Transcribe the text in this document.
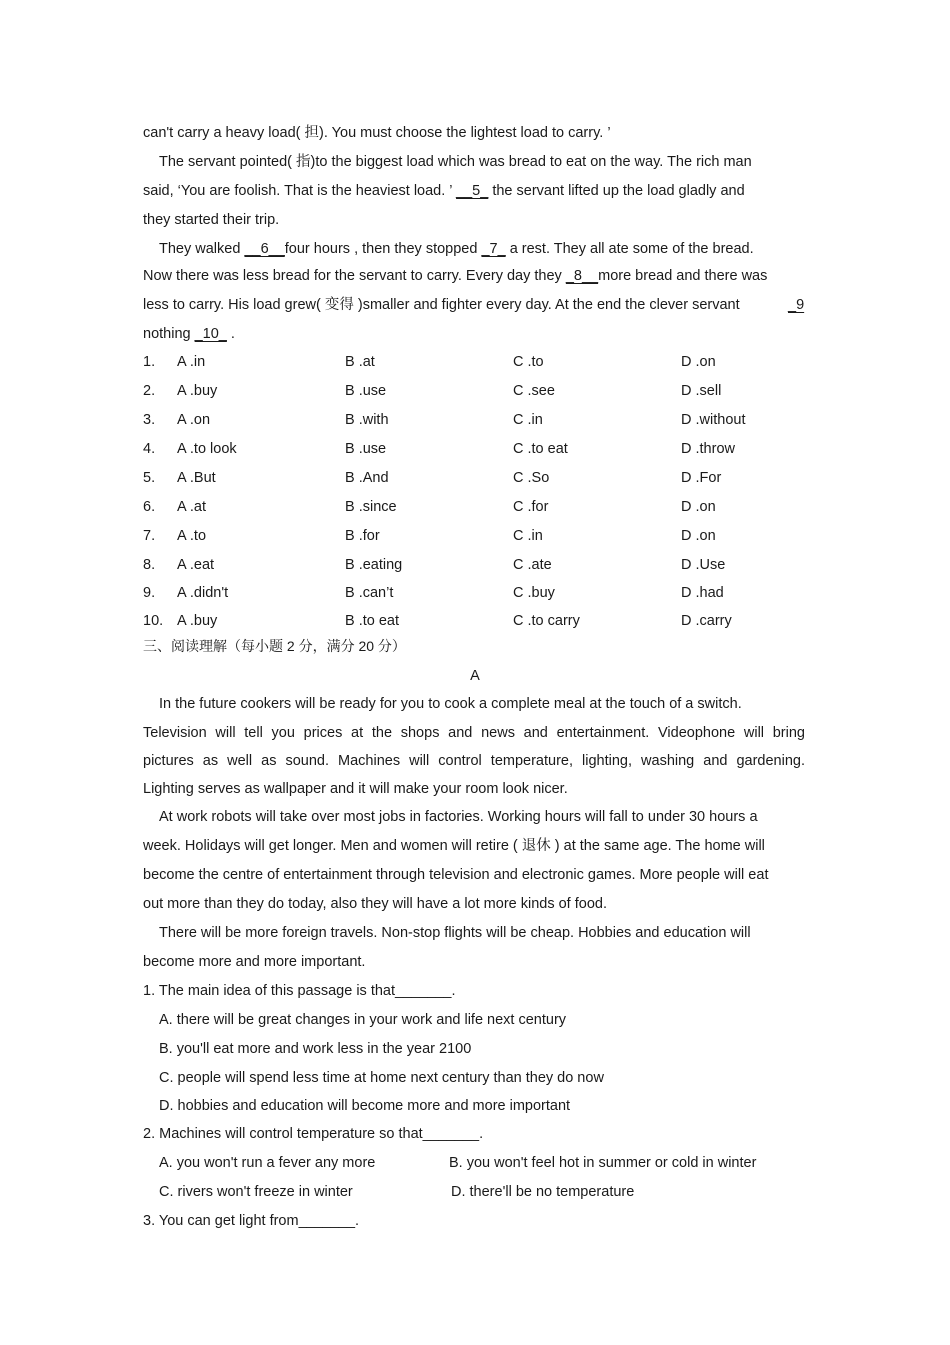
can't carry a heavy load( 担). You must choose the lightest load to carry. ’
The servant pointed( 指)to the biggest load which was bread to eat on the way. The rich man
said, ‘You are foolish. That is the heaviest load. ’ __5_ the servant lifted up the load gladly and
they started their trip.
They walked __6__four hours , then they stopped _7_ a rest. They all ate some of the bread.
Now there was less bread for the servant to carry. Every day they _8__more bread and there was
less to carry. His load grew( 变得 )smaller and fighter every day. At the end the clever servant	_9
nothing _10_ .
1. A .in	B .at	C .to	D .on
2. A .buy	B .use	C .see	D .sell
3. A .on	B .with	C .in	D .without
4. A .to look	B .use	C .to eat	D .throw
5. A .But	B .And	C .So	D .For
6. A .at	B .since	C .for	D .on
7. A .to	B .for	C .in	D .on
8. A .eat	B .eating	C .ate	D .Use
9. A .didn't	B .can’t	C .buy	D .had
10. A .buy	B .to eat	C .to carry	D .carry
三、阅读理解（每小题 2 分，满分 20 分）
A
In the future cookers will be ready for you to cook a complete meal at the touch of a switch.
Television will tell you prices at the shops and news and entertainment. Videophone will bring
pictures as well as sound. Machines will control temperature, lighting, washing and gardening.
Lighting serves as wallpaper and it will make your room look nicer.
At work robots will take over most jobs in factories. Working hours will fall to under 30 hours a
week. Holidays will get longer. Men and women will retire ( 退休 ) at the same age. The home will
become the centre of entertainment through television and electronic games. More people will eat
out more than they do today, also they will have a lot more kinds of food.
There will be more foreign travels. Non-stop flights will be cheap. Hobbies and education will
become more and more important.
1. The main idea of this passage is that_______.
A. there will be great changes in your work and life next century
B. you'll eat more and work less in the year 2100
C. people will spend less time at home next century than they do now
D. hobbies and education will become more and more important
2. Machines will control temperature so that_______.
A. you won't run a fever any more	B. you won't feel hot in summer or cold in winter
C. rivers won't freeze in winter	D. there'll be no temperature
3. You can get light from_______.
